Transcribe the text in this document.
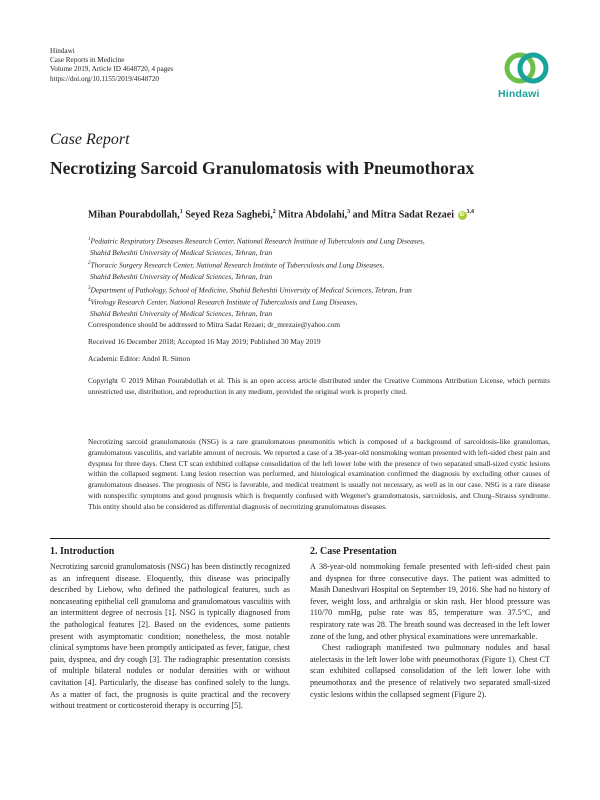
Hindawi
Case Reports in Medicine
Volume 2019, Article ID 4648720, 4 pages
https://doi.org/10.1155/2019/4648720
Hindawi
Case Report
Necrotizing Sarcoid Granulomatosis with Pneumothorax
Mihan Pourabdollah,$^1$ Seyed Reza Saghebi,$^2$ Mitra Abdolahi,$^3$ and Mitra Sadat Rezaei iD $^{3,4}$
$^1$Pediatric Respiratory Diseases Research Center, National Research Institute of Tuberculosis and Lung Diseases,
Shahid Beheshti University of Medical Sciences, Tehran, Iran
$^2$Thoracic Surgery Research Center, National Research Institute of Tuberculosis and Lung Diseases,
Shahid Beheshti University of Medical Sciences, Tehran, Iran
$^3$Department of Pathology, School of Medicine, Shahid Beheshti University of Medical Sciences, Tehran, Iran
$^4$Virology Research Center, National Research Institute of Tuberculosis and Lung Diseases,
Shahid Beheshti University of Medical Sciences, Tehran, Iran
Correspondence should be addressed to Mitra Sadat Rezaei; dr_mrezaie@yahoo.com
Received 16 December 2018; Accepted 16 May 2019; Published 30 May 2019
Academic Editor: André R. Simon
Copyright © 2019 Mihan Pourabdollah et al. This is an open access article distributed under the Creative Commons Attribution License, which permits unrestricted use, distribution, and reproduction in any medium, provided the original work is properly cited.
Necrotizing sarcoid granulomatosis (NSG) is a rare granulomatous pneumonitis which is composed of a background of sarcoidosis-like granulomas, granulomatous vasculitis, and variable amount of necrosis. We reported a case of a 38-year-old nonsmoking woman presented with left-sided chest pain and dyspnea for three days. Chest CT scan exhibited collapse consolidation of the left lower lobe with the presence of two separated small-sized cystic lesions within the collapsed segment. Lung lesion resection was performed, and histological examination confirmed the diagnosis by excluding other causes of granulomatous diseases. The prognosis of NSG is favorable, and medical treatment is usually not necessary, as well as in our case. NSG is a rare disease with nonspecific symptoms and good prognosis which is frequently confused with Wegener's granulomatosis, sarcoidosis, and Churg–Strauss syndrome. This entity should also be considered as differential diagnosis of necrotizing granulomatous diseases.
1. Introduction	2. Case Presentation

Necrotizing sarcoid granulomatosis (NSG) has been distinctly recognized as an infrequent disease. Eloquently, this disease was principally described by Liebow, who defined the pathological features, such as noncaseating epithelial cell granuloma and granulomatous vasculitis with an intermittent degree of necrosis [1]. NSG is typically diagnosed from the pathological features [2]. Based on the evidences, some patients present with asymptomatic condition; nonetheless, the most notable clinical symptoms have been promptly anticipated as fever, fatigue, chest pain, dyspnea, and dry cough [3]. The radiographic presentation consists of multiple bilateral nodules or nodular densities with or without cavitation [4]. Particularly, the disease has confined solely to the lungs. As a matter of fact, the prognosis is quite practical and the recovery without treatment or corticosteroid therapy is occurring [5].

A 38-year-old nonsmoking female presented with left-sided chest pain and dyspnea for three consecutive days. The patient was admitted to Masih Daneshvari Hospital on September 19, 2016. She had no history of fever, weight loss, and arthralgia or skin rash. Her blood pressure was 110/70 mmHg, pulse rate was 85, temperature was 37.5°C, and respiratory rate was 28. The breath sound was decreased in the left lower zone of the lung, and other physical examinations were unremarkable.

Chest radiograph manifested two pulmonary nodules and basal atelectasis in the left lower lobe with pneumothorax (Figure 1). Chest CT scan exhibited collapsed consolidation of the left lower lobe with pneumothorax and the presence of relatively two separated small-sized cystic lesions within the collapsed segment (Figure 2).
